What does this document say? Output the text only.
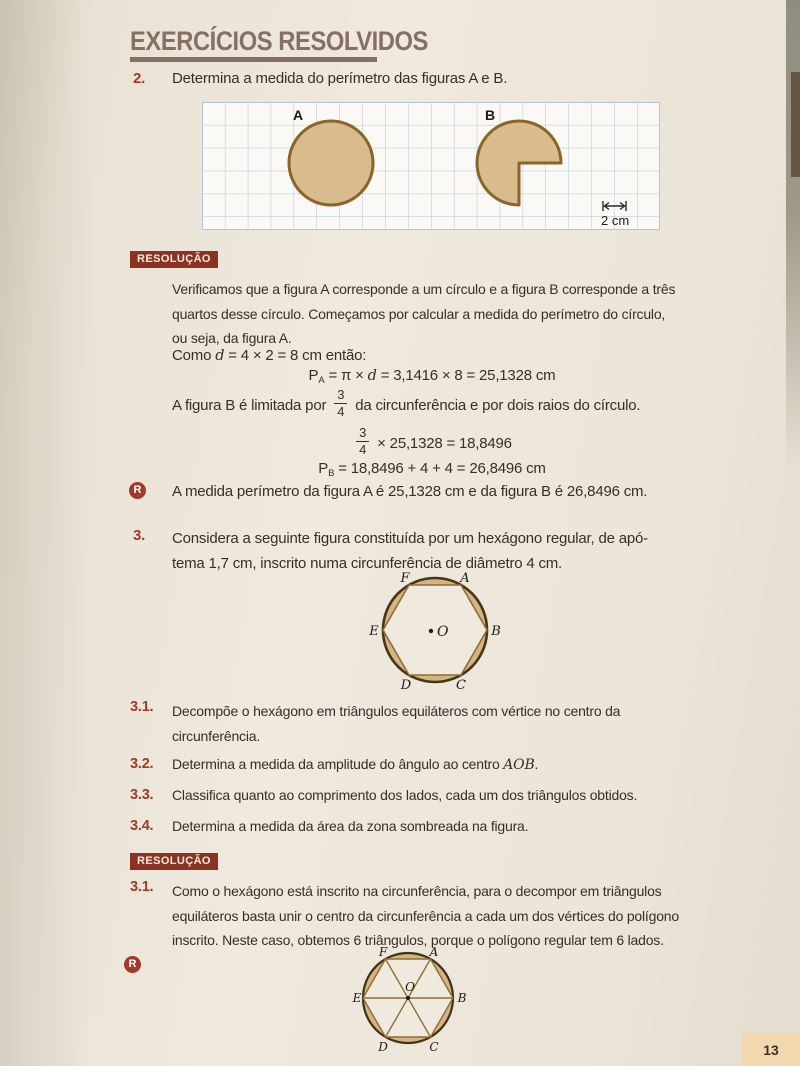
EXERCÍCIOS RESOLVIDOS
2. Determina a medida do perímetro das figuras A e B.
A	B
2 cm
RESOLUÇÃO
Verificamos que a figura A corresponde a um círculo e a figura B corresponde a três
quartos desse círculo. Começamos por calcular a medida do perímetro do círculo,
ou seja, da figura A.
Como d = 4 × 2 = 8 cm então:
$P_A = \pi \times d = 3,1416 \times 8 = 25,1328$ cm
A figura B é limitada por $\frac{3}{4}$ da circunferência e por dois raios do círculo.
$\frac{3}{4} \times 25,1328 = 18,8496$
$P_B = 18,8496 + 4 + 4 = 26,8496$ cm
R	A medida perímetro da figura A é 25,1328 cm e da figura B é 26,8496 cm.
3. Considera a seguinte figura constituída por um hexágono regular, de apó-
tema 1,7 cm, inscrito numa circunferência de diâmetro 4 cm.
F	A
E	B
D	C
O
3.1. Decompõe o hexágono em triângulos equiláteros com vértice no centro da
circunferência.
3.2. Determina a medida da amplitude do ângulo ao centro AOB.
3.3. Classifica quanto ao comprimento dos lados, cada um dos triângulos obtidos.
3.4. Determina a medida da área da zona sombreada na figura.
RESOLUÇÃO
3.1. Como o hexágono está inscrito na circunferência, para o decompor em triângulos
equiláteros basta unir o centro da circunferência a cada um dos vértices do polígono
inscrito. Neste caso, obtemos 6 triângulos, porque o polígono regular tem 6 lados.
R
F	A
E	B
D	C
O
13
